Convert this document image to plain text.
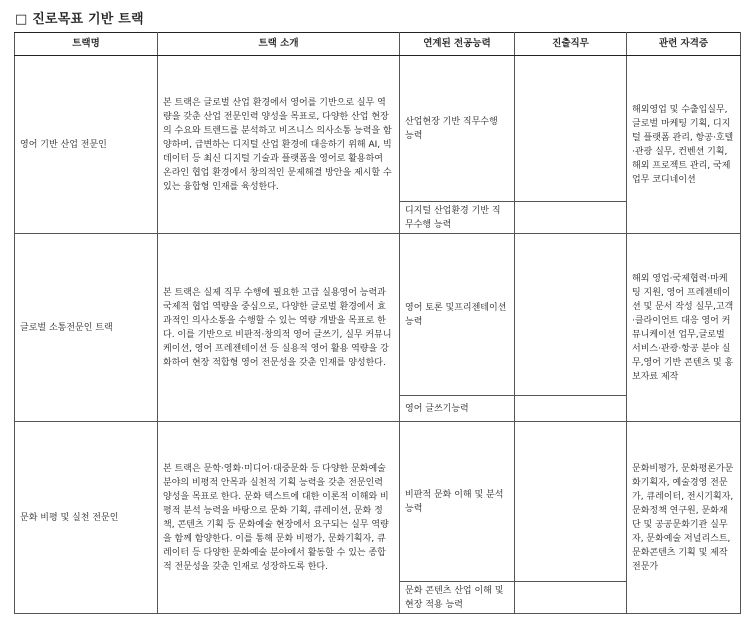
□ 진로목표 기반 트랙
트랙명	트랙 소개	연계된 전공능력	진출직무	관련 자격증
영어 기반 산업 전문인	본 트랙은 글로벌 산업 환경에서 영어를 기반으로 실무 역량을 갖춘 산업 전문인력 양성을 목표로, 다양한 산업 현장의 수요와 트렌드를 분석하고 비즈니스 의사소통 능력을 함양하며, 급변하는 디지털 산업 환경에 대응하기 위해 AI, 빅데이터 등 최신 디지털 기술과 플랫폼을 영어로 활용하여 온라인 협업 환경에서 창의적인 문제해결 방안을 제시할 수 있는 융합형 인재를 육성한다.	산업현장 기반 직무수행 능력		해외영업 및 수출입실무, 글로벌 마케팅 기획, 디지털 플랫폼 관리, 항공·호텔·관광 실무, 컨벤션 기획, 해외 프로젝트 관리, 국제 업무 코디네이션
		디지털 산업환경 기반 직무수행 능력		
글로벌 소통전문인 트랙	본 트랙은 실제 직무 수행에 필요한 고급 실용영어 능력과 국제적 협업 역량을 중심으로, 다양한 글로벌 환경에서 효과적인 의사소통을 수행할 수 있는 역량 개발을 목표로 한다. 이를 기반으로 비판적·창의적 영어 글쓰기, 실무 커뮤니케이션, 영어 프레젠테이션 등 실용적 영어 활용 역량을 강화하여 현장 적합형 영어 전문성을 갖춘 인재를 양성한다.	영어 토론 및프리젠테이션능력		해외 영업·국제협력·마케팅 지원, 영어 프레젠테이션 및 문서 작성 실무,고객·클라이언트 대응 영어 커뮤니케이션 업무,글로벌 서비스·관광·항공 분야 실무,영어 기반 콘텐츠 및 홍보자료 제작
		영어 글쓰기능력		
문화 비평 및 실천 전문인	본 트랙은 문학·영화·미디어·대중문화 등 다양한 문화예술 분야의 비평적 안목과 실천적 기획 능력을 갖춘 전문인력 양성을 목표로 한다. 문화 텍스트에 대한 이론적 이해와 비평적 분석 능력을 바탕으로 문화 기획, 큐레이션, 문화 정책, 콘텐츠 기획 등 문화예술 현장에서 요구되는 실무 역량을 함께 함양한다. 이를 통해 문화 비평가, 문화기획자, 큐레이터 등 다양한 문화예술 분야에서 활동할 수 있는 종합적 전문성을 갖춘 인재로 성장하도록 한다.	비판적 문화 이해 및 분석 능력		문화비평가, 문화평론가문화기획자, 예술경영 전문가, 큐레이터, 전시기획자, 문화정책 연구원, 문화재단 및 공공문화기관 실무자, 문화예술 저널리스트, 문화콘텐츠 기획 및 제작 전문가
		문화 콘텐츠 산업 이해 및 현장 적용 능력		
